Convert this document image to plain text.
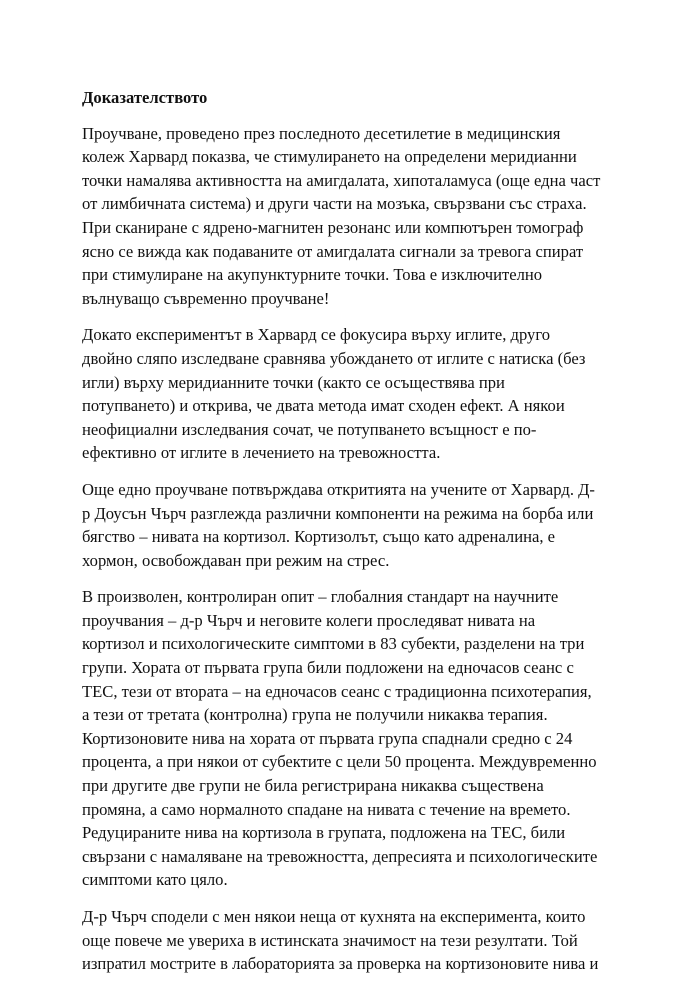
Доказателството
Проучване, проведено през последното десетилетие в медицинския
колеж Харвард показва, че стимулирането на определени меридианни
точки намалява активността на амигдалата, хипоталамуса (още една част
от лимбичната система) и други части на мозъка, свързвани със страха.
При сканиране с ядрено-магнитен резонанс или компютърен томограф
ясно се вижда как подаваните от амигдалата сигнали за тревога спират
при стимулиране на акупунктурните точки. Това е изключително
вълнуващо съвременно проучване!
Докато експериментът в Харвард се фокусира върху иглите, друго
двойно сляпо изследване сравнява убождането от иглите с натиска (без
игли) върху меридианните точки (както се осъществява при
потупването) и открива, че двата метода имат сходен ефект. А някои
неофициални изследвания сочат, че потупването всъщност е по-
ефективно от иглите в лечението на тревожността.
Още едно проучване потвърждава откритията на учените от Харвард. Д-
р Доусън Чърч разглежда различни компоненти на режима на борба или
бягство – нивата на кортизол. Кортизолът, също като адреналина, е
хормон, освобождаван при режим на стрес.
В произволен, контролиран опит – глобалния стандарт на научните
проучвания – д-р Чърч и неговите колеги проследяват нивата на
кортизол и психологическите симптоми в 83 субекти, разделени на три
групи. Хората от първата група били подложени на едночасов сеанс с
ТЕС, тези от втората – на едночасов сеанс с традиционна психотерапия,
а тези от третата (контролна) група не получили никаква терапия.
Кортизоновите нива на хората от първата група спаднали средно с 24
процента, а при някои от субектите с цели 50 процента. Междувременно
при другите две групи не била регистрирана никаква съществена
промяна, а само нормалното спадане на нивата с течение на времето.
Редуцираните нива на кортизола в групата, подложена на ТЕС, били
свързани с намаляване на тревожността, депресията и психологическите
симптоми като цяло.
Д-р Чърч сподели с мен някои неща от кухнята на експеримента, които
още повече ме увериха в истинската значимост на тези резултати. Той
изпратил мострите в лабораторията за проверка на кортизоновите нива и
